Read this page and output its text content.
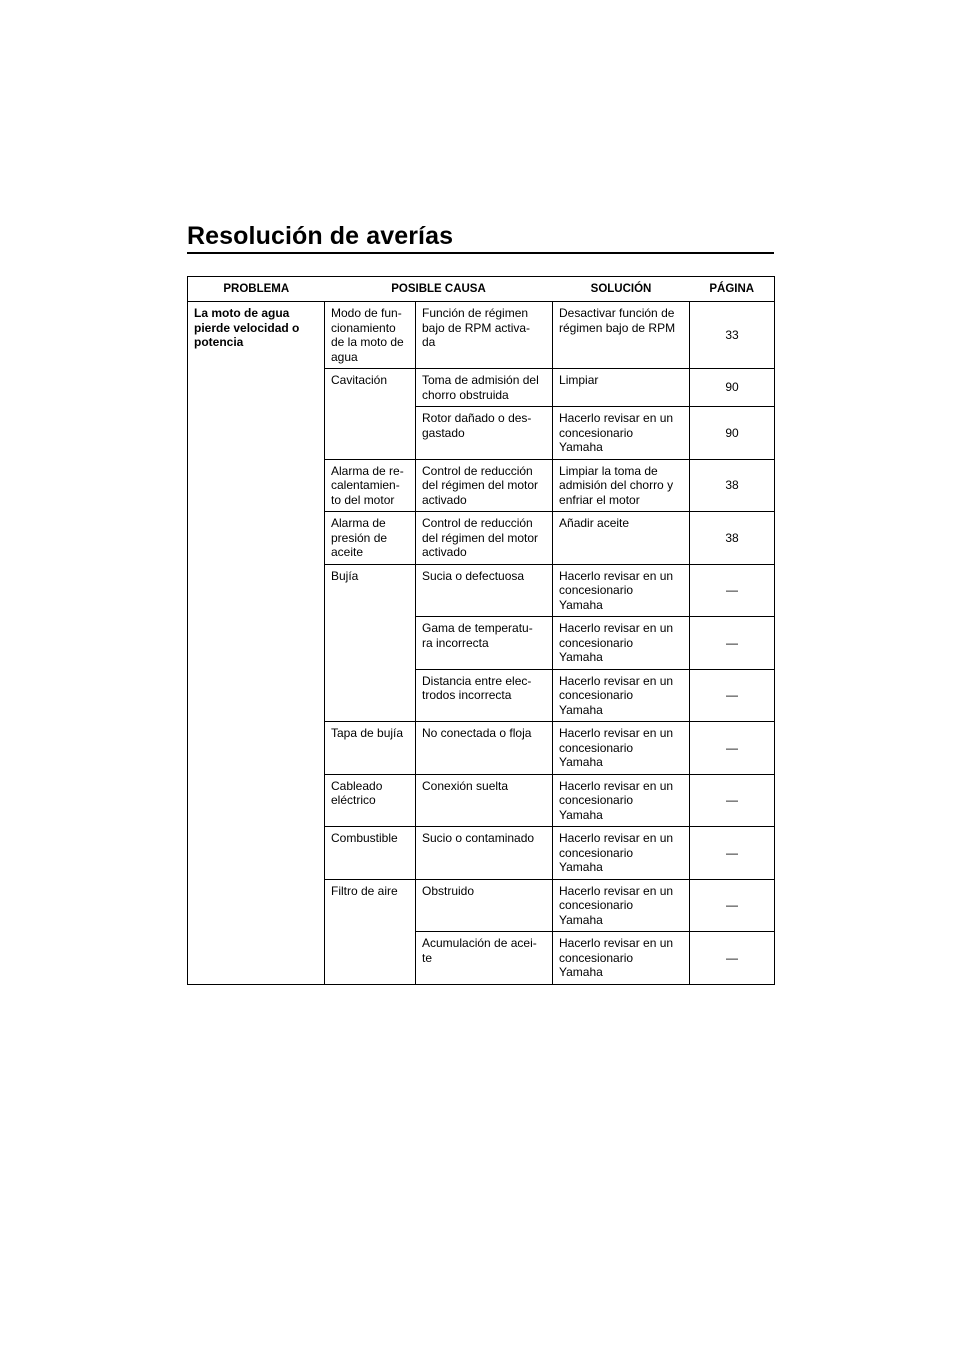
Resolución de averías
PROBLEMA	POSIBLE CAUSA		SOLUCIÓN	PÁGINA
La moto de agua
pierde velocidad o
potencia	Modo de fun-
cionamiento
de la moto de
agua	Función de régimen
bajo de RPM activa-
da	Desactivar función de
régimen bajo de RPM	33
	Cavitación	Toma de admisión del
chorro obstruida	Limpiar	90
		Rotor dañado o des-
gastado	Hacerlo revisar en un
concesionario
Yamaha	90
	Alarma de re-
calentamien-
to del motor	Control de reducción
del régimen del motor
activado	Limpiar la toma de
admisión del chorro y
enfriar el motor	38
	Alarma de
presión de
aceite	Control de reducción
del régimen del motor
activado	Añadir aceite	38
	Bujía	Sucia o defectuosa	Hacerlo revisar en un
concesionario
Yamaha	—
		Gama de temperatu-
ra incorrecta	Hacerlo revisar en un
concesionario
Yamaha	—
		Distancia entre elec-
trodos incorrecta	Hacerlo revisar en un
concesionario
Yamaha	—
	Tapa de bujía	No conectada o floja	Hacerlo revisar en un
concesionario
Yamaha	—
	Cableado
eléctrico	Conexión suelta	Hacerlo revisar en un
concesionario
Yamaha	—
	Combustible	Sucio o contaminado	Hacerlo revisar en un
concesionario
Yamaha	—
	Filtro de aire	Obstruido	Hacerlo revisar en un
concesionario
Yamaha	—
		Acumulación de acei-
te	Hacerlo revisar en un
concesionario
Yamaha	—
